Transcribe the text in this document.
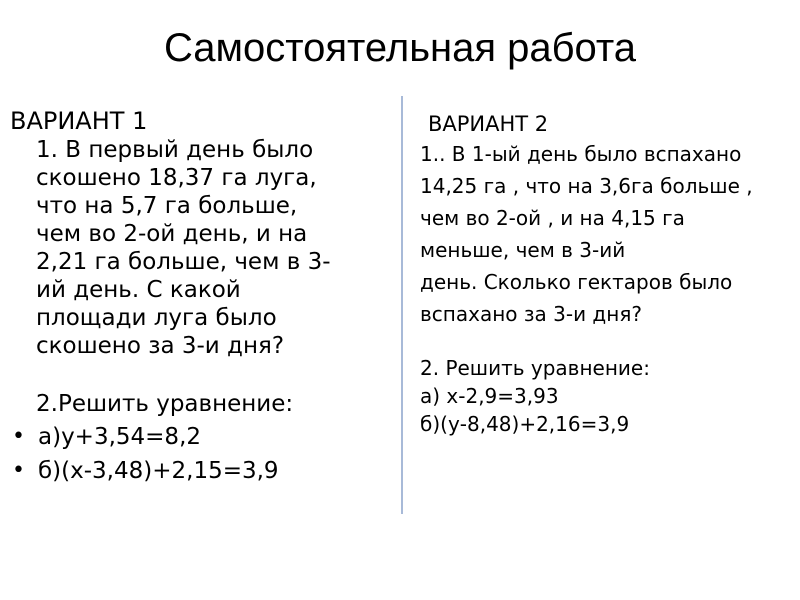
Самостоятельная работа
ВАРИАНТ 1
1. В первый день было
скошено 18,37 га луга,
что на 5,7 га больше,
чем во 2-ой день, и на
2,21 га больше, чем в 3-
ий день. С какой
площади луга было
скошено за 3-и дня?
2.Решить уравнение:
• а)у+3,54=8,2
• б)(х-3,48)+2,15=3,9
ВАРИАНТ 2
1.. В 1-ый день было вспахано
14,25 га , что на 3,6га больше ,
чем во 2-ой , и на 4,15 га
меньше, чем в 3-ий
день. Сколько гектаров было
вспахано за 3-и дня?
2. Решить уравнение:
а) х-2,9=3,93
б)(у-8,48)+2,16=3,9
